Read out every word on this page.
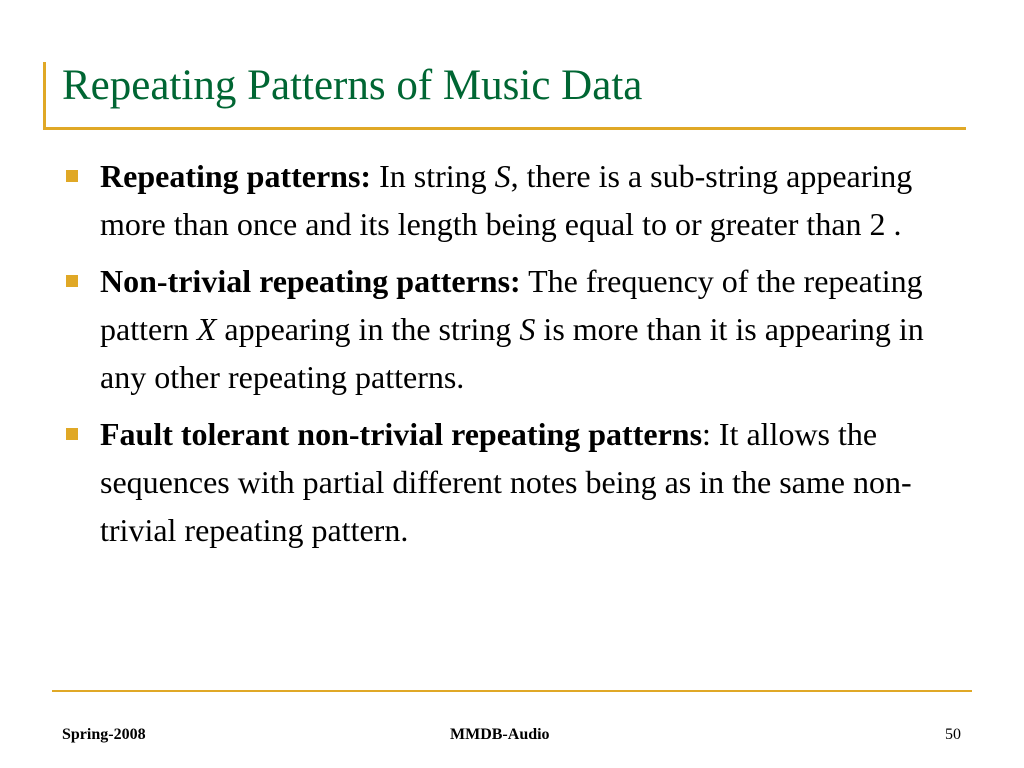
Repeating Patterns of Music Data
Repeating patterns: In string S, there is a sub-string appearing more than once and its length being equal to or greater than 2 .
Non-trivial repeating patterns: The frequency of the repeating pattern X appearing in the string S is more than it is appearing in any other repeating patterns.
Fault tolerant non-trivial repeating patterns: It allows the sequences with partial different notes being as in the same non-trivial repeating pattern.
Spring-2008	MMDB-Audio	50
